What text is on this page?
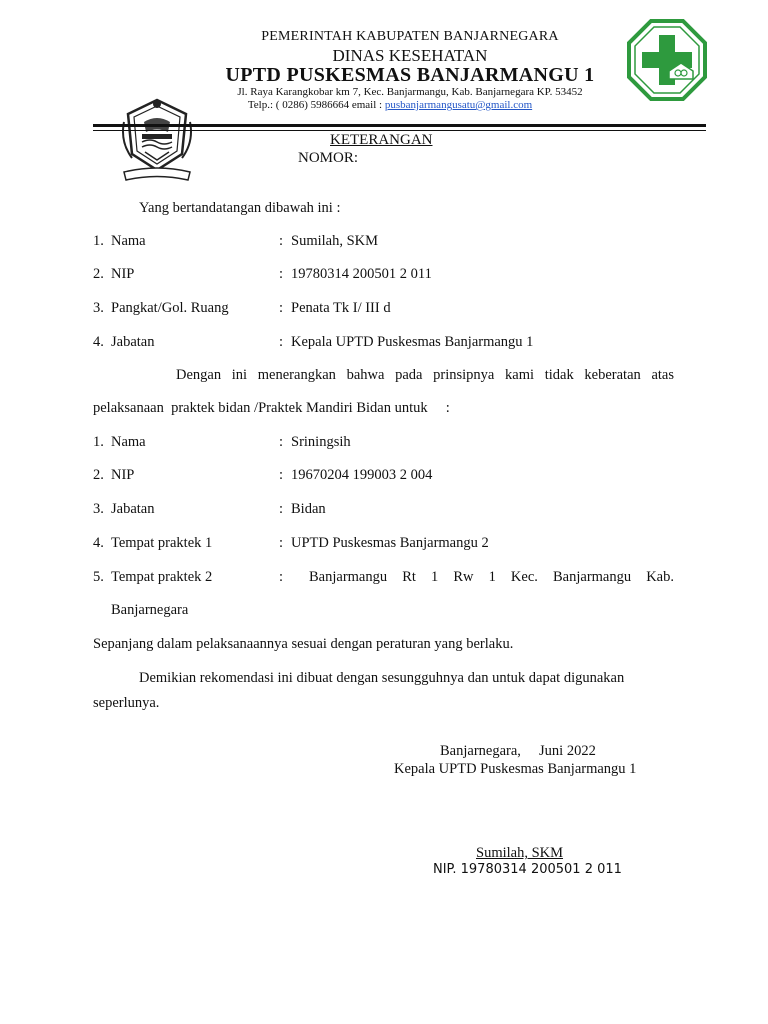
PEMERINTAH KABUPATEN BANJARNEGARA
DINAS KESEHATAN
UPTD PUSKESMAS BANJARMANGU 1
Jl. Raya Karangkobar km 7, Kec. Banjarmangu, Kab. Banjarnegara KP. 53452
Telp.: ( 0286) 5986664 email : pusbanjarmangusatu@gmail.com
KETERANGAN
NOMOR:
Yang bertandatangan dibawah ini :
1. Nama	: Sumilah, SKM
2. NIP	: 19780314 200501 2 011
3. Pangkat/Gol. Ruang	: Penata Tk I/ III d
4. Jabatan	: Kepala UPTD Puskesmas Banjarmangu 1
Dengan ini menerangkan bahwa pada prinsipnya kami tidak keberatan atas
pelaksanaan  praktek bidan /Praktek Mandiri Bidan untuk     :
1. Nama	: Sriningsih
2. NIP	: 19670204 199003 2 004
3. Jabatan	: Bidan
4. Tempat praktek 1	: UPTD Puskesmas Banjarmangu 2
5. Tempat praktek 2	: Banjarmangu Rt 1 Rw 1 Kec. Banjarmangu Kab.
Banjarnegara
Sepanjang dalam pelaksanaannya sesuai dengan peraturan yang berlaku.
Demikian rekomendasi ini dibuat dengan sesungguhnya dan untuk dapat digunakan
seperlunya.
Banjarnegara,     Juni 2022
Kepala UPTD Puskesmas Banjarmangu 1
Sumilah, SKM
NIP. 19780314 200501 2 011
